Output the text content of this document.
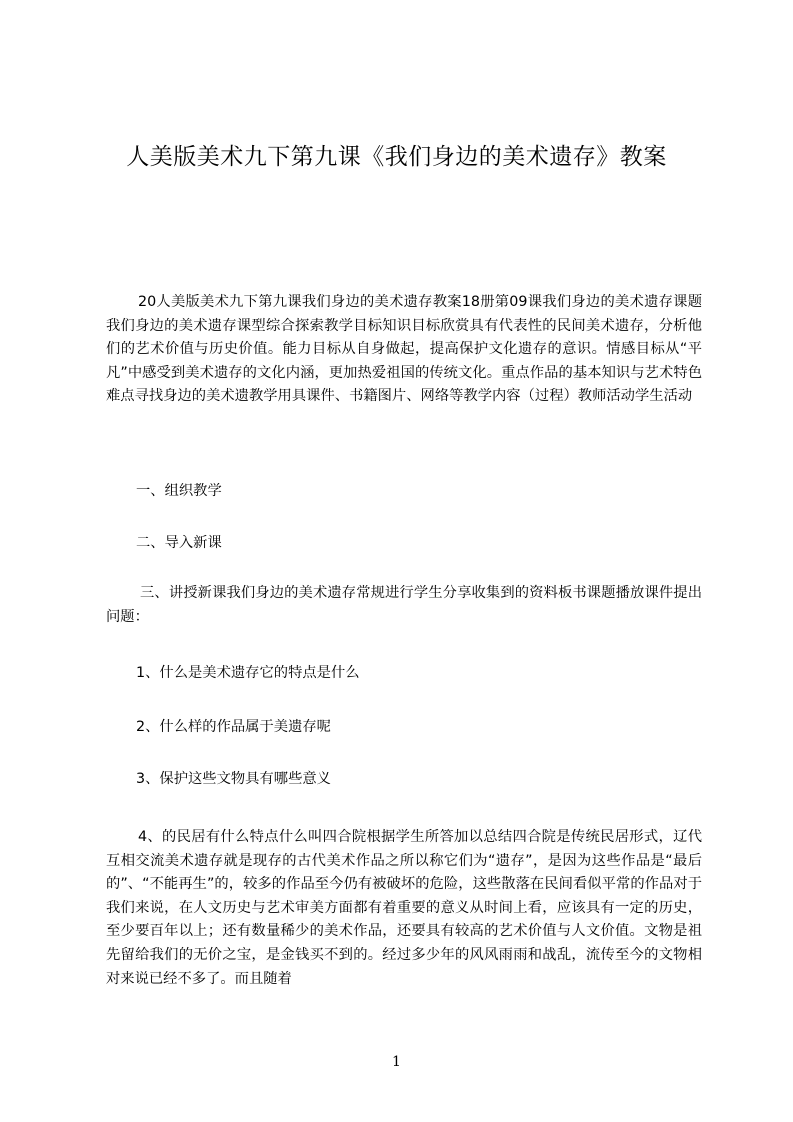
人美版美术九下第九课《我们身边的美术遗存》教案

20人美版美术九下第九课我们身边的美术遗存教案18册第09课我们身边的美术遗存课题我们身边的美术遗存课型综合探索教学目标知识目标欣赏具有代表性的民间美术遗存，分析他们的艺术价值与历史价值。能力目标从自身做起，提高保护文化遗存的意识。情感目标从“平凡”中感受到美术遗存的文化内涵，更加热爱祖国的传统文化。重点作品的基本知识与艺术特色难点寻找身边的美术遗教学用具课件、书籍图片、网络等教学内容（过程）教师活动学生活动

一、组织教学

二、导入新课

三、讲授新课我们身边的美术遗存常规进行学生分享收集到的资料板书课题播放课件提出问题：

1、什么是美术遗存它的特点是什么

2、什么样的作品属于美遗存呢

3、保护这些文物具有哪些意义

4、的民居有什么特点什么叫四合院根据学生所答加以总结四合院是传统民居形式，辽代互相交流美术遗存就是现存的古代美术作品之所以称它们为“遗存”，是因为这些作品是“最后的”、“不能再生”的，较多的作品至今仍有被破坏的危险，这些散落在民间看似平常的作品对于我们来说，在人文历史与艺术审美方面都有着重要的意义从时间上看，应该具有一定的历史，至少要百年以上；还有数量稀少的美术作品，还要具有较高的艺术价值与人文价值。文物是祖先留给我们的无价之宝，是金钱买不到的。经过多少年的风风雨雨和战乱，流传至今的文物相对来说已经不多了。而且随着

1
